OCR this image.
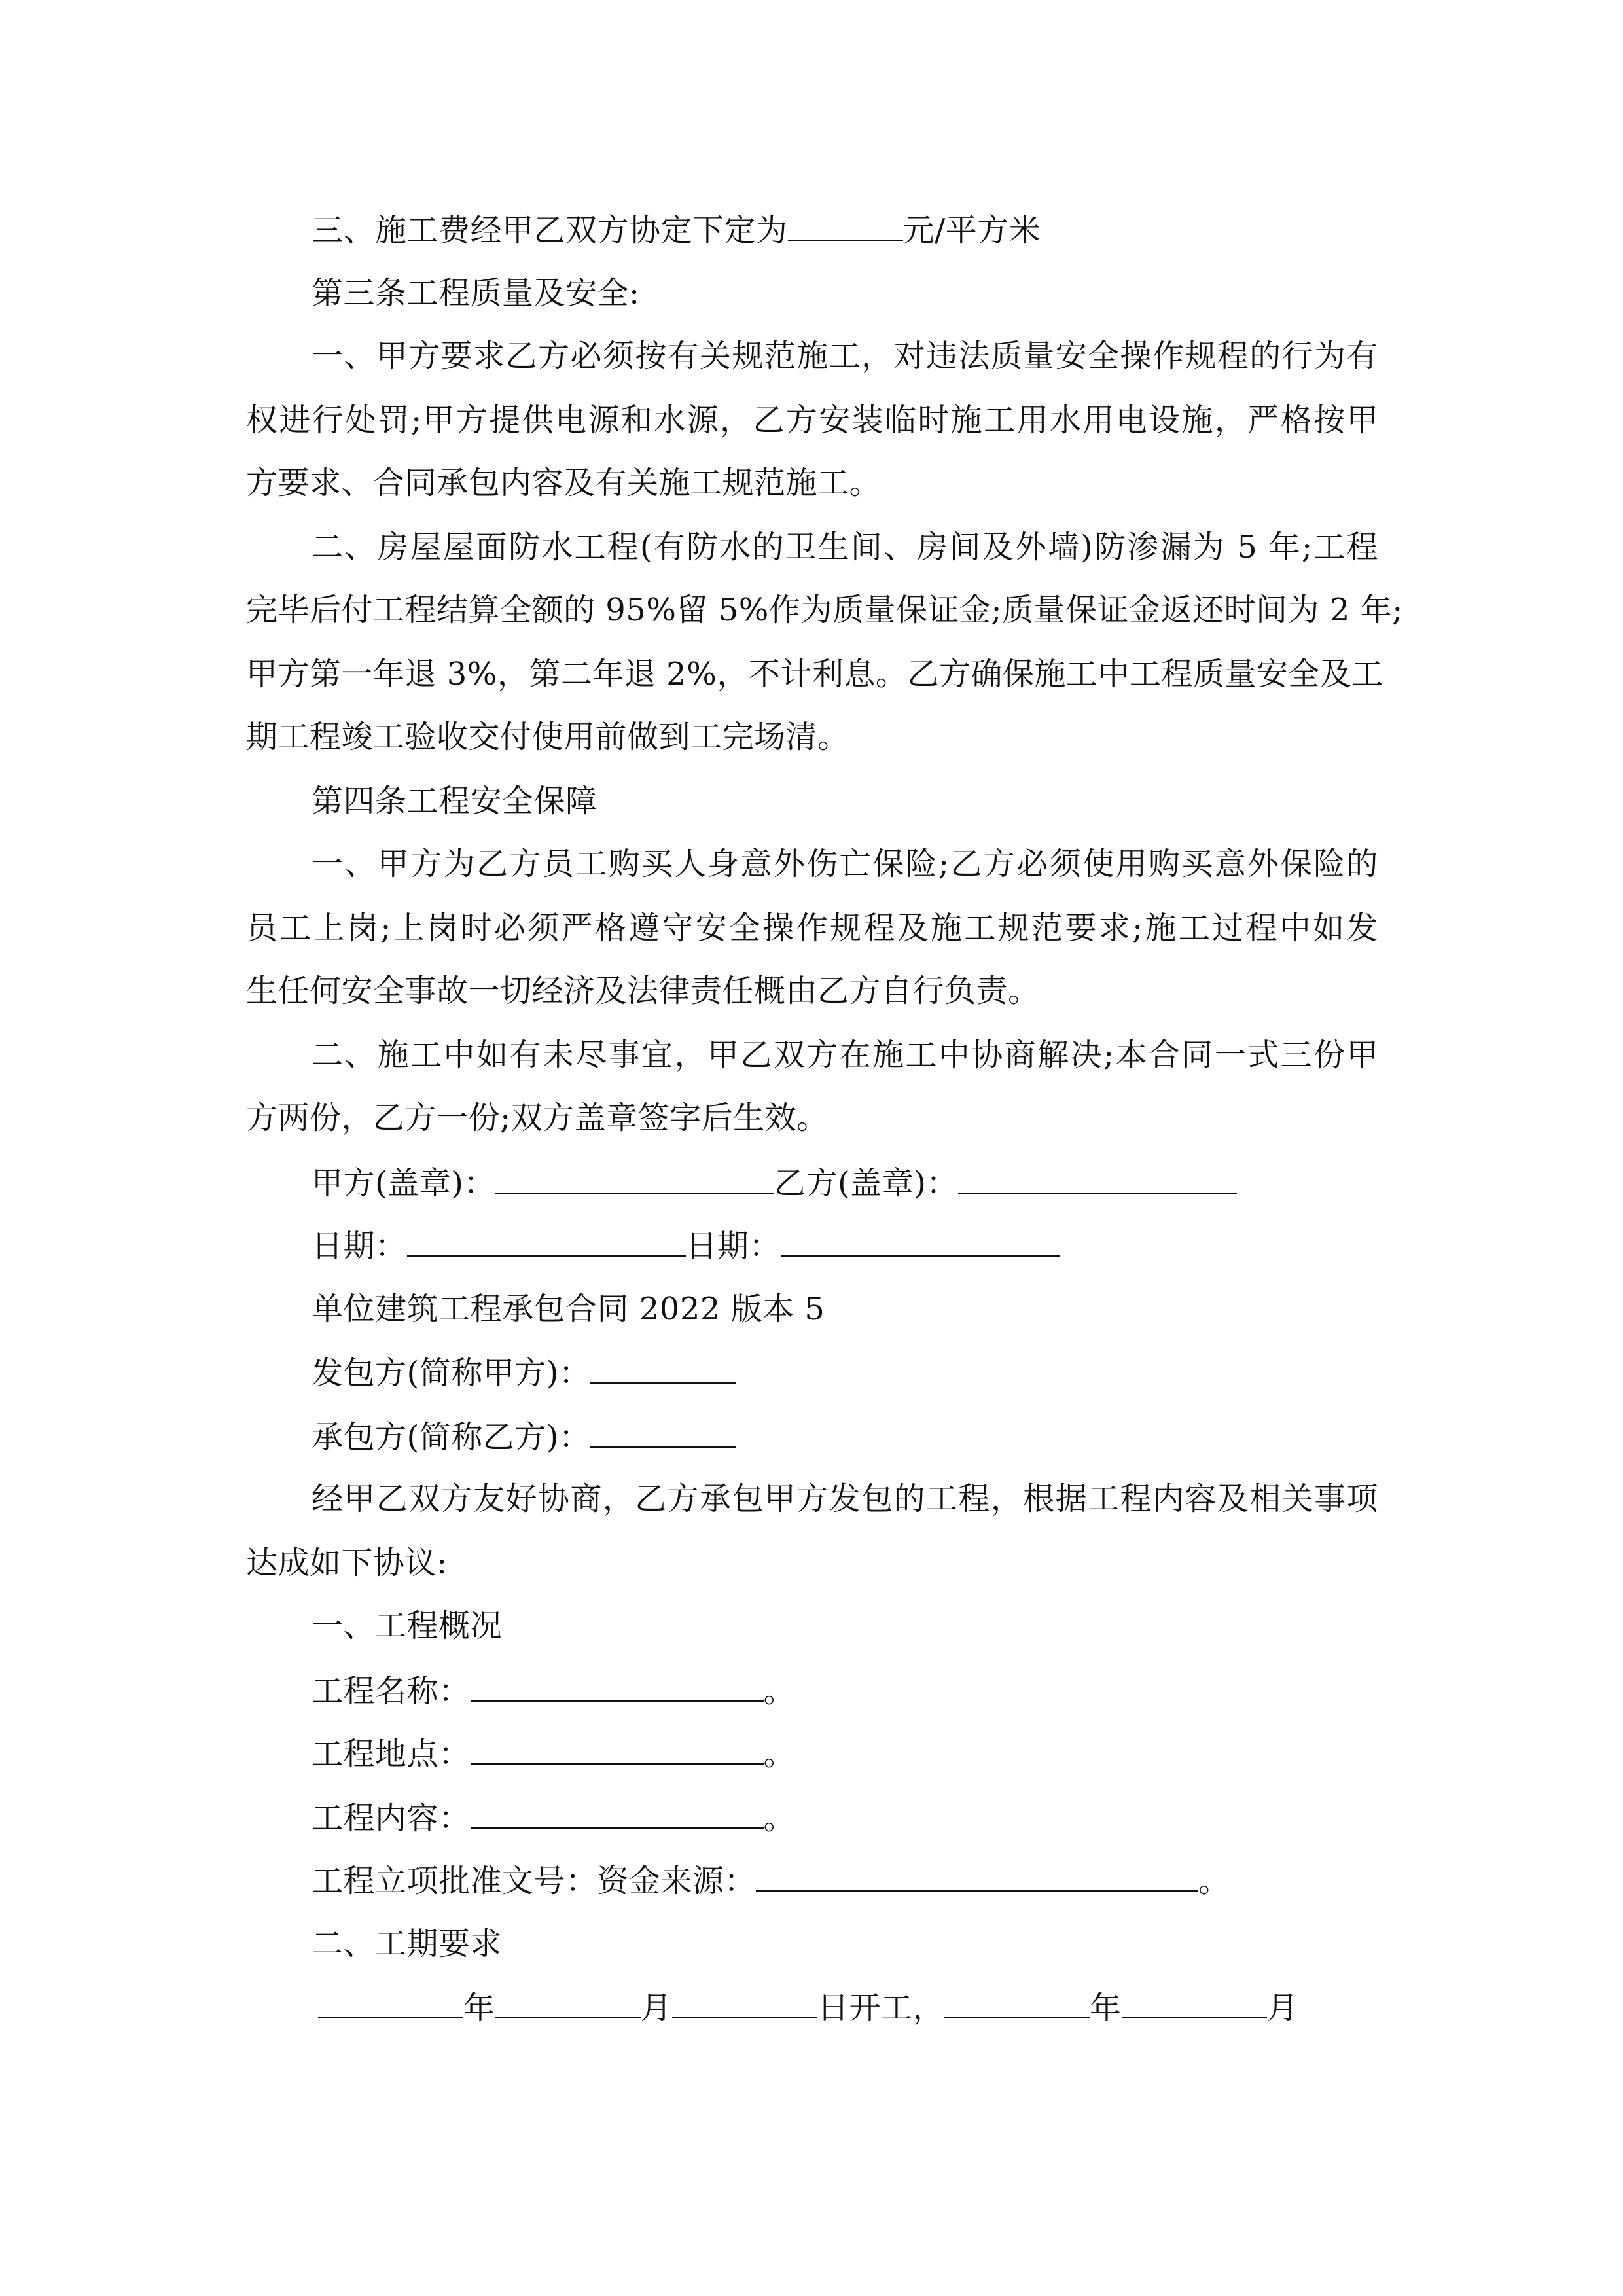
三、施工费经甲乙双方协定下定为	元/平方米
第三条工程质量及安全:
一、甲方要求乙方必须按有关规范施工，对违法质量安全操作规程的行为有
权进行处罚;甲方提供电源和水源，乙方安装临时施工用水用电设施，严格按甲
方要求、合同承包内容及有关施工规范施工。
二、房屋屋面防水工程(有防水的卫生间、房间及外墙)防渗漏为 5 年;工程
完毕后付工程结算全额的 95%留 5%作为质量保证金;质量保证金返还时间为 2 年;
甲方第一年退 3%，第二年退 2%，不计利息。乙方确保施工中工程质量安全及工
期工程竣工验收交付使用前做到工完场清。
第四条工程安全保障
一、甲方为乙方员工购买人身意外伤亡保险;乙方必须使用购买意外保险的
员工上岗;上岗时必须严格遵守安全操作规程及施工规范要求;施工过程中如发
生任何安全事故一切经济及法律责任概由乙方自行负责。
二、施工中如有未尽事宜，甲乙双方在施工中协商解决;本合同一式三份甲
方两份，乙方一份;双方盖章签字后生效。
甲方(盖章)：	乙方(盖章)：
日期：	日期：
单位建筑工程承包合同 2022 版本 5
发包方(简称甲方)：
承包方(简称乙方)：
经甲乙双方友好协商，乙方承包甲方发包的工程，根据工程内容及相关事项
达成如下协议:
一、工程概况
工程名称：	。
工程地点：	。
工程内容：	。
工程立项批准文号：资金来源：	。
二、工期要求
年	月	日开工，	年	月
